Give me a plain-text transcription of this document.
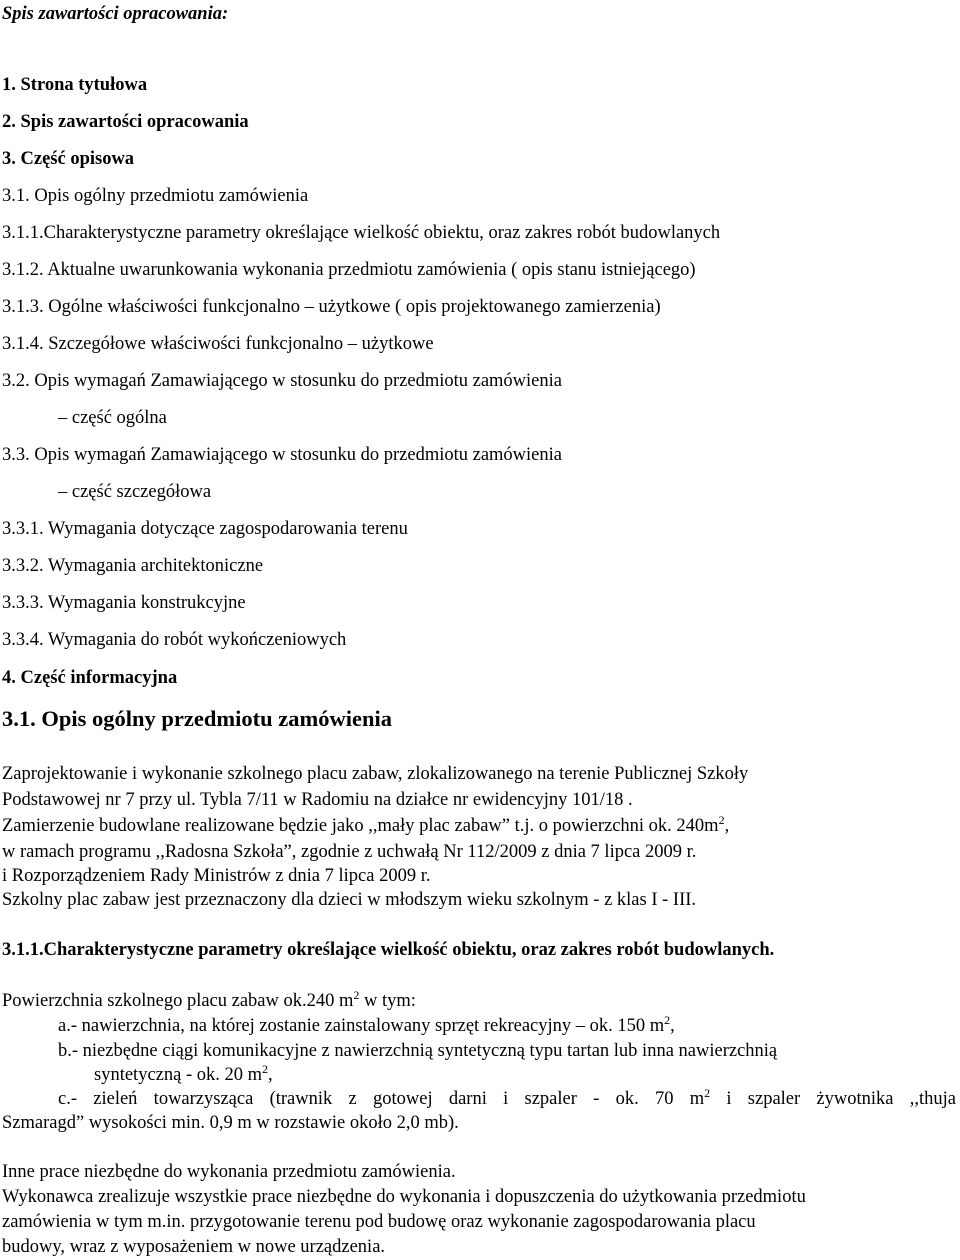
Spis zawartości opracowania:
1. Strona tytułowa
2. Spis zawartości opracowania
3. Część opisowa
3.1. Opis ogólny przedmiotu zamówienia
3.1.1.Charakterystyczne parametry określające wielkość obiektu, oraz zakres robót budowlanych
3.1.2. Aktualne uwarunkowania wykonania przedmiotu zamówienia ( opis stanu istniejącego)
3.1.3. Ogólne właściwości funkcjonalno – użytkowe ( opis projektowanego zamierzenia)
3.1.4. Szczegółowe właściwości funkcjonalno – użytkowe
3.2. Opis wymagań Zamawiającego w stosunku do przedmiotu zamówienia
– część ogólna
3.3. Opis wymagań Zamawiającego w stosunku do przedmiotu zamówienia
– część szczegółowa
3.3.1. Wymagania dotyczące zagospodarowania terenu
3.3.2. Wymagania architektoniczne
3.3.3. Wymagania konstrukcyjne
3.3.4. Wymagania do robót wykończeniowych
4. Część informacyjna
3.1. Opis ogólny przedmiotu zamówienia
Zaprojektowanie i wykonanie szkolnego placu zabaw, zlokalizowanego na terenie Publicznej Szkoły
Podstawowej nr 7 przy ul. Tybla 7/11 w Radomiu na działce nr ewidencyjny 101/18 .
Zamierzenie budowlane realizowane będzie jako ,,mały plac zabaw” t.j. o powierzchni ok. $240m^2$,
w ramach programu ,,Radosna Szkoła”, zgodnie z uchwałą Nr 112/2009 z dnia 7 lipca 2009 r.
i Rozporządzeniem Rady Ministrów z dnia 7 lipca 2009 r.
Szkolny plac zabaw jest przeznaczony dla dzieci w młodszym wieku szkolnym - z klas I - III.
3.1.1.Charakterystyczne parametry określające wielkość obiektu, oraz zakres robót budowlanych.
Powierzchnia szkolnego placu zabaw ok.240 $m^2$ w tym:
a.- nawierzchnia, na której zostanie zainstalowany sprzęt rekreacyjny – ok. 150 $m^2$,
b.- niezbędne ciągi komunikacyjne z nawierzchnią syntetyczną typu tartan lub inna nawierzchnią
syntetyczną - ok. 20 $m^2$,
c.- zieleń towarzysząca (trawnik z gotowej darni i szpaler - ok. 70 $m^2$ i szpaler żywotnika ,,thuja
Szmaragd” wysokości min. 0,9 m w rozstawie około 2,0 mb).
Inne prace niezbędne do wykonania przedmiotu zamówienia.
Wykonawca zrealizuje wszystkie prace niezbędne do wykonania i dopuszczenia do użytkowania przedmiotu
zamówienia w tym m.in. przygotowanie terenu pod budowę oraz wykonanie zagospodarowania placu
budowy, wraz z wyposażeniem w nowe urządzenia.
